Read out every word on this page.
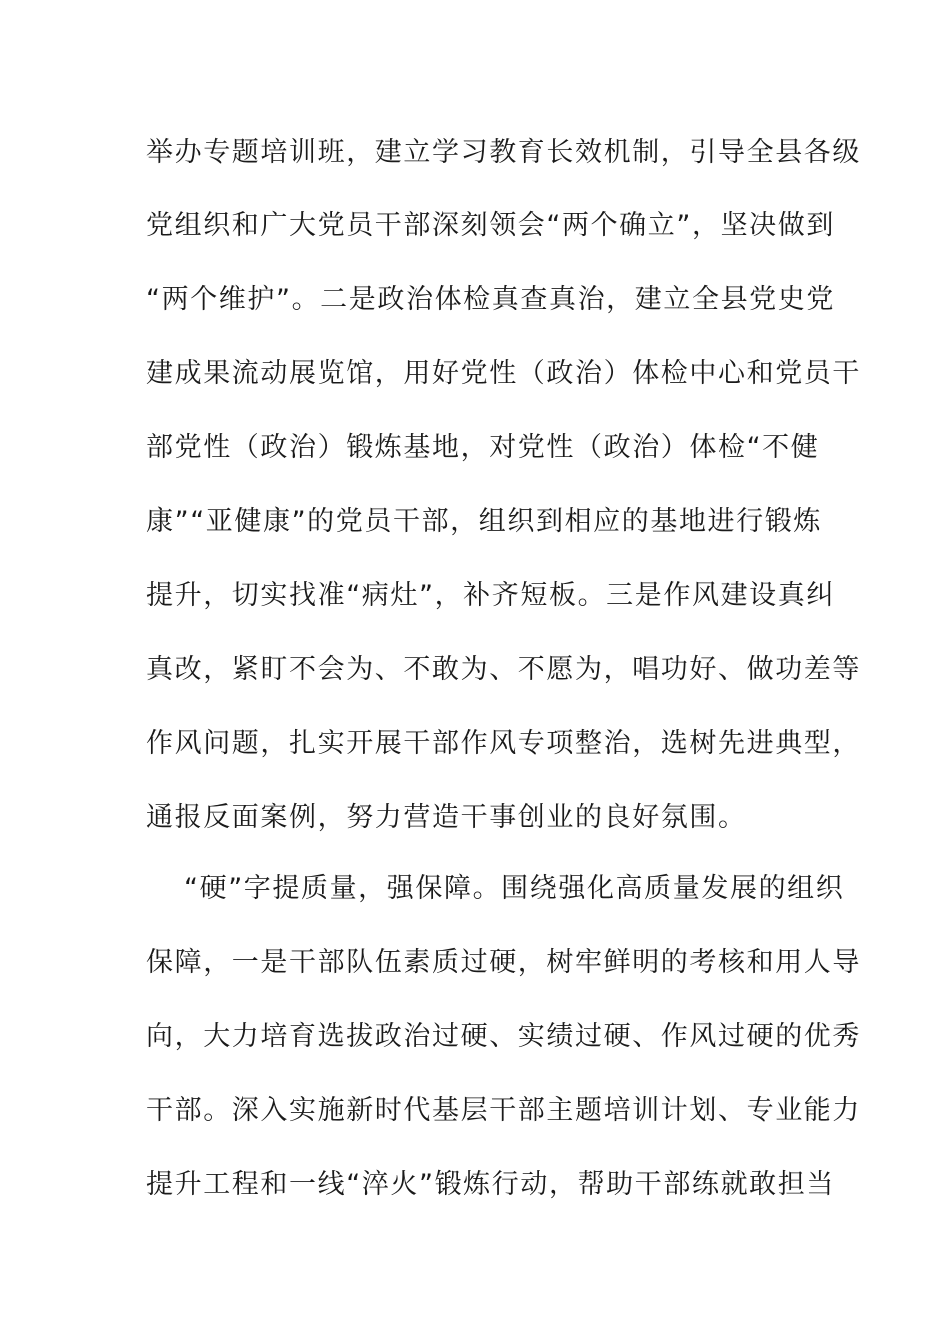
举办专题培训班，建立学习教育长效机制，引导全县各级
党组织和广大党员干部深刻领会“两个确立”，坚决做到
“两个维护”。二是政治体检真查真治，建立全县党史党
建成果流动展览馆，用好党性（政治）体检中心和党员干
部党性（政治）锻炼基地，对党性（政治）体检“不健
康”“亚健康”的党员干部，组织到相应的基地进行锻炼
提升，切实找准“病灶”，补齐短板。三是作风建设真纠
真改，紧盯不会为、不敢为、不愿为，唱功好、做功差等
作风问题，扎实开展干部作风专项整治，选树先进典型，
通报反面案例，努力营造干事创业的良好氛围。
“硬”字提质量，强保障。围绕强化高质量发展的组织
保障，一是干部队伍素质过硬，树牢鲜明的考核和用人导
向，大力培育选拔政治过硬、实绩过硬、作风过硬的优秀
干部。深入实施新时代基层干部主题培训计划、专业能力
提升工程和一线“淬火”锻炼行动，帮助干部练就敢担当
